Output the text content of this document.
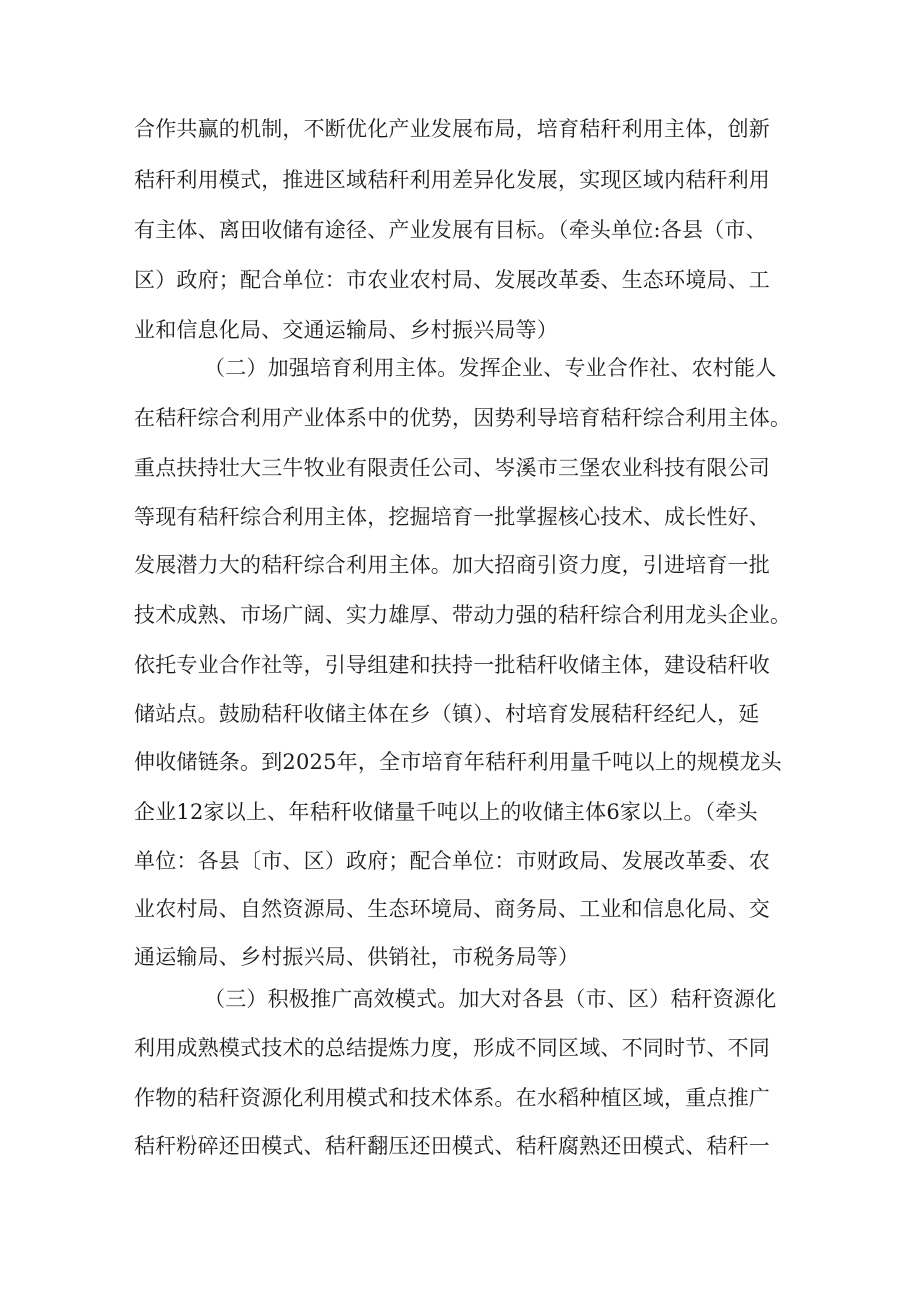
合作共赢的机制，不断优化产业发展布局，培育秸秆利用主体，创新
秸秆利用模式，推进区域秸秆利用差异化发展，实现区域内秸秆利用
有主体、离田收储有途径、产业发展有目标。（牵头单位:各县（市、
区）政府；配合单位：市农业农村局、发展改革委、生态环境局、工
业和信息化局、交通运输局、乡村振兴局等）
（二）加强培育利用主体。发挥企业、专业合作社、农村能人
在秸秆综合利用产业体系中的优势，因势利导培育秸秆综合利用主体。
重点扶持壮大三牛牧业有限责任公司、岑溪市三堡农业科技有限公司
等现有秸秆综合利用主体，挖掘培育一批掌握核心技术、成长性好、
发展潜力大的秸秆综合利用主体。加大招商引资力度，引进培育一批
技术成熟、市场广阔、实力雄厚、带动力强的秸秆综合利用龙头企业。
依托专业合作社等，引导组建和扶持一批秸秆收储主体，建设秸秆收
储站点。鼓励秸秆收储主体在乡（镇）、村培育发展秸秆经纪人，延
伸收储链条。到2025年，全市培育年秸秆利用量千吨以上的规模龙头
企业12家以上、年秸秆收储量千吨以上的收储主体6家以上。（牵头
单位：各县〔市、区）政府；配合单位：市财政局、发展改革委、农
业农村局、自然资源局、生态环境局、商务局、工业和信息化局、交
通运输局、乡村振兴局、供销社，市税务局等）
（三）积极推广高效模式。加大对各县（市、区）秸秆资源化
利用成熟模式技术的总结提炼力度，形成不同区域、不同时节、不同
作物的秸秆资源化利用模式和技术体系。在水稻种植区域，重点推广
秸秆粉碎还田模式、秸秆翻压还田模式、秸秆腐熟还田模式、秸秆一
